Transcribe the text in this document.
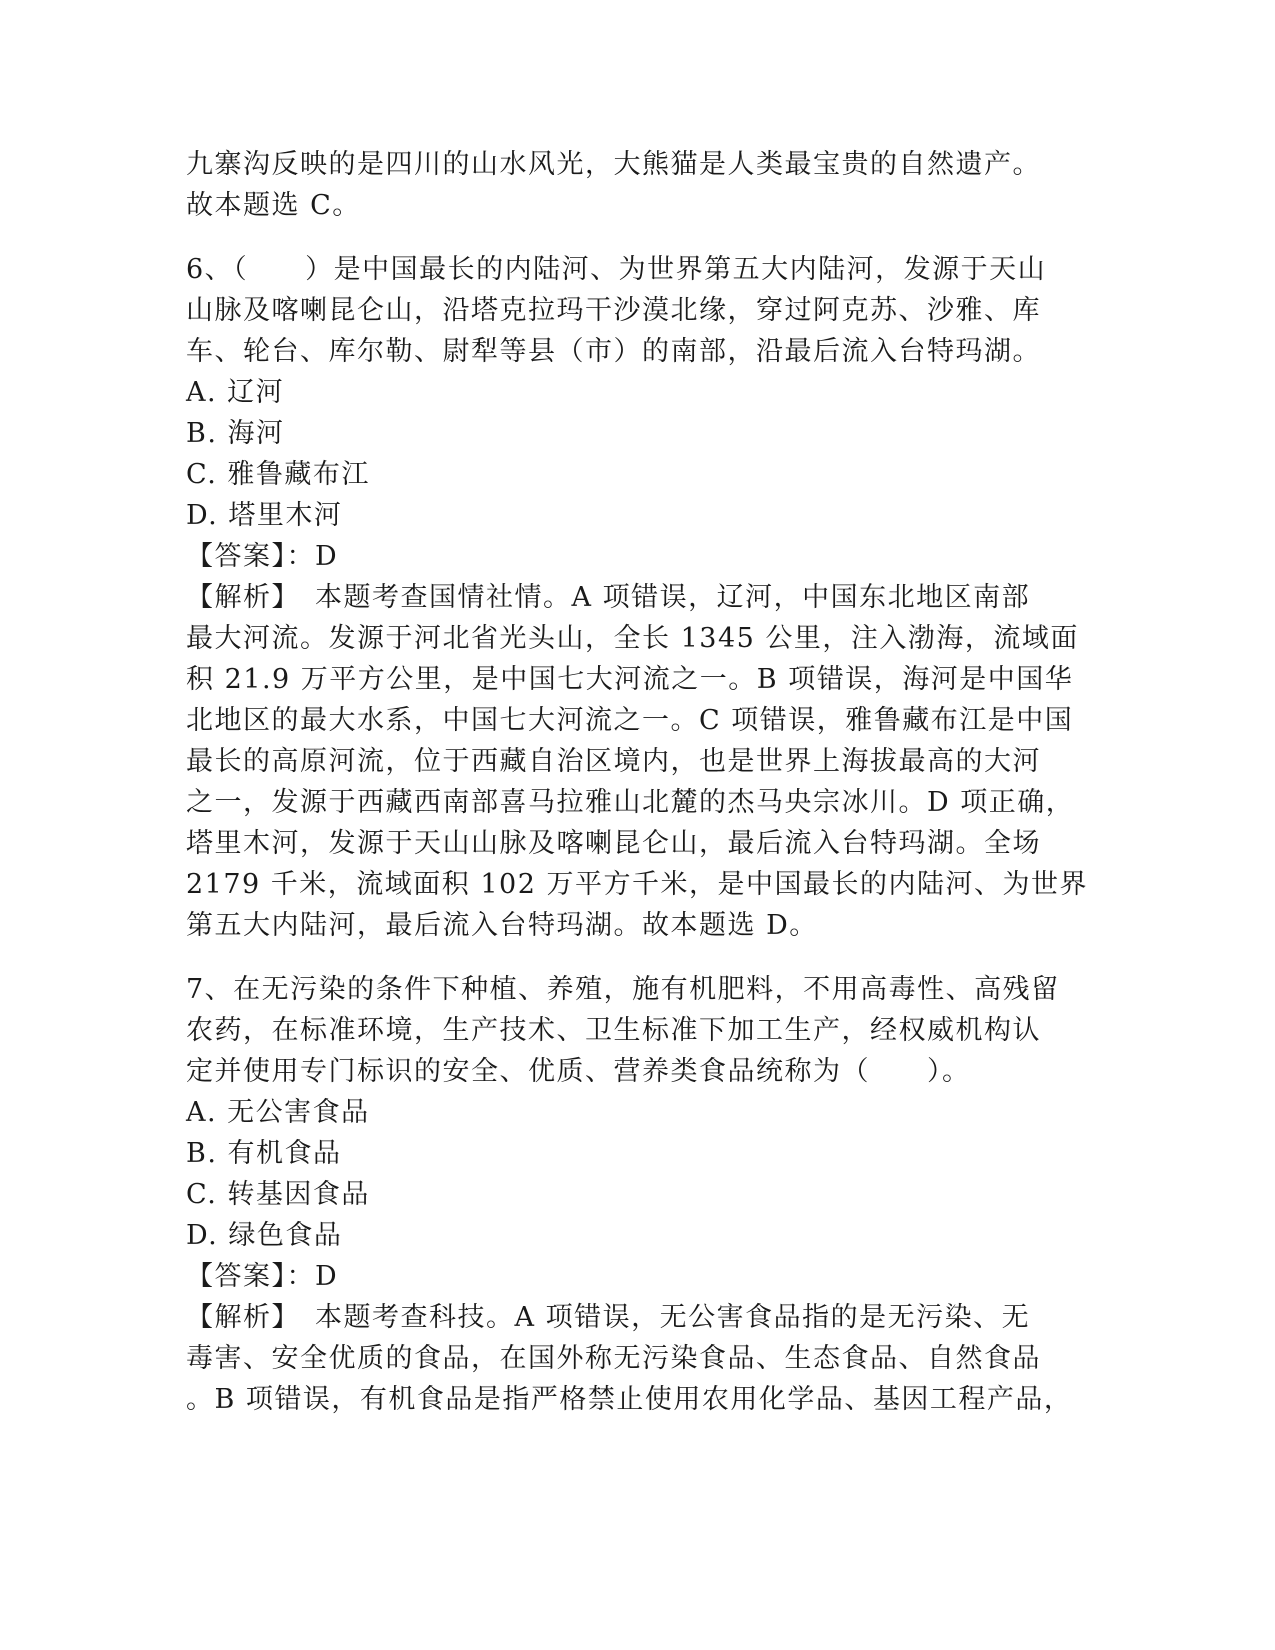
九寨沟反映的是四川的山水风光，大熊猫是人类最宝贵的自然遗产。
故本题选 C。
6、（　　）是中国最长的内陆河、为世界第五大内陆河，发源于天山
山脉及喀喇昆仑山，沿塔克拉玛干沙漠北缘，穿过阿克苏、沙雅、库
车、轮台、库尔勒、尉犁等县（市）的南部，沿最后流入台特玛湖。
A. 辽河
B. 海河
C. 雅鲁藏布江
D. 塔里木河
【答案】：D
【解析】　本题考查国情社情。A 项错误，辽河，中国东北地区南部
最大河流。发源于河北省光头山，全长 1345 公里，注入渤海，流域面
积 21.9 万平方公里，是中国七大河流之一。B 项错误，海河是中国华
北地区的最大水系，中国七大河流之一。C 项错误，雅鲁藏布江是中国
最长的高原河流，位于西藏自治区境内，也是世界上海拔最高的大河
之一，发源于西藏西南部喜马拉雅山北麓的杰马央宗冰川。D 项正确，
塔里木河，发源于天山山脉及喀喇昆仑山，最后流入台特玛湖。全场
2179 千米，流域面积 102 万平方千米，是中国最长的内陆河、为世界
第五大内陆河，最后流入台特玛湖。故本题选 D。
7、在无污染的条件下种植、养殖，施有机肥料，不用高毒性、高残留
农药，在标准环境，生产技术、卫生标准下加工生产，经权威机构认
定并使用专门标识的安全、优质、营养类食品统称为（　　）。
A. 无公害食品
B. 有机食品
C. 转基因食品
D. 绿色食品
【答案】：D
【解析】　本题考查科技。A 项错误，无公害食品指的是无污染、无
毒害、安全优质的食品，在国外称无污染食品、生态食品、自然食品
。B 项错误，有机食品是指严格禁止使用农用化学品、基因工程产品，
